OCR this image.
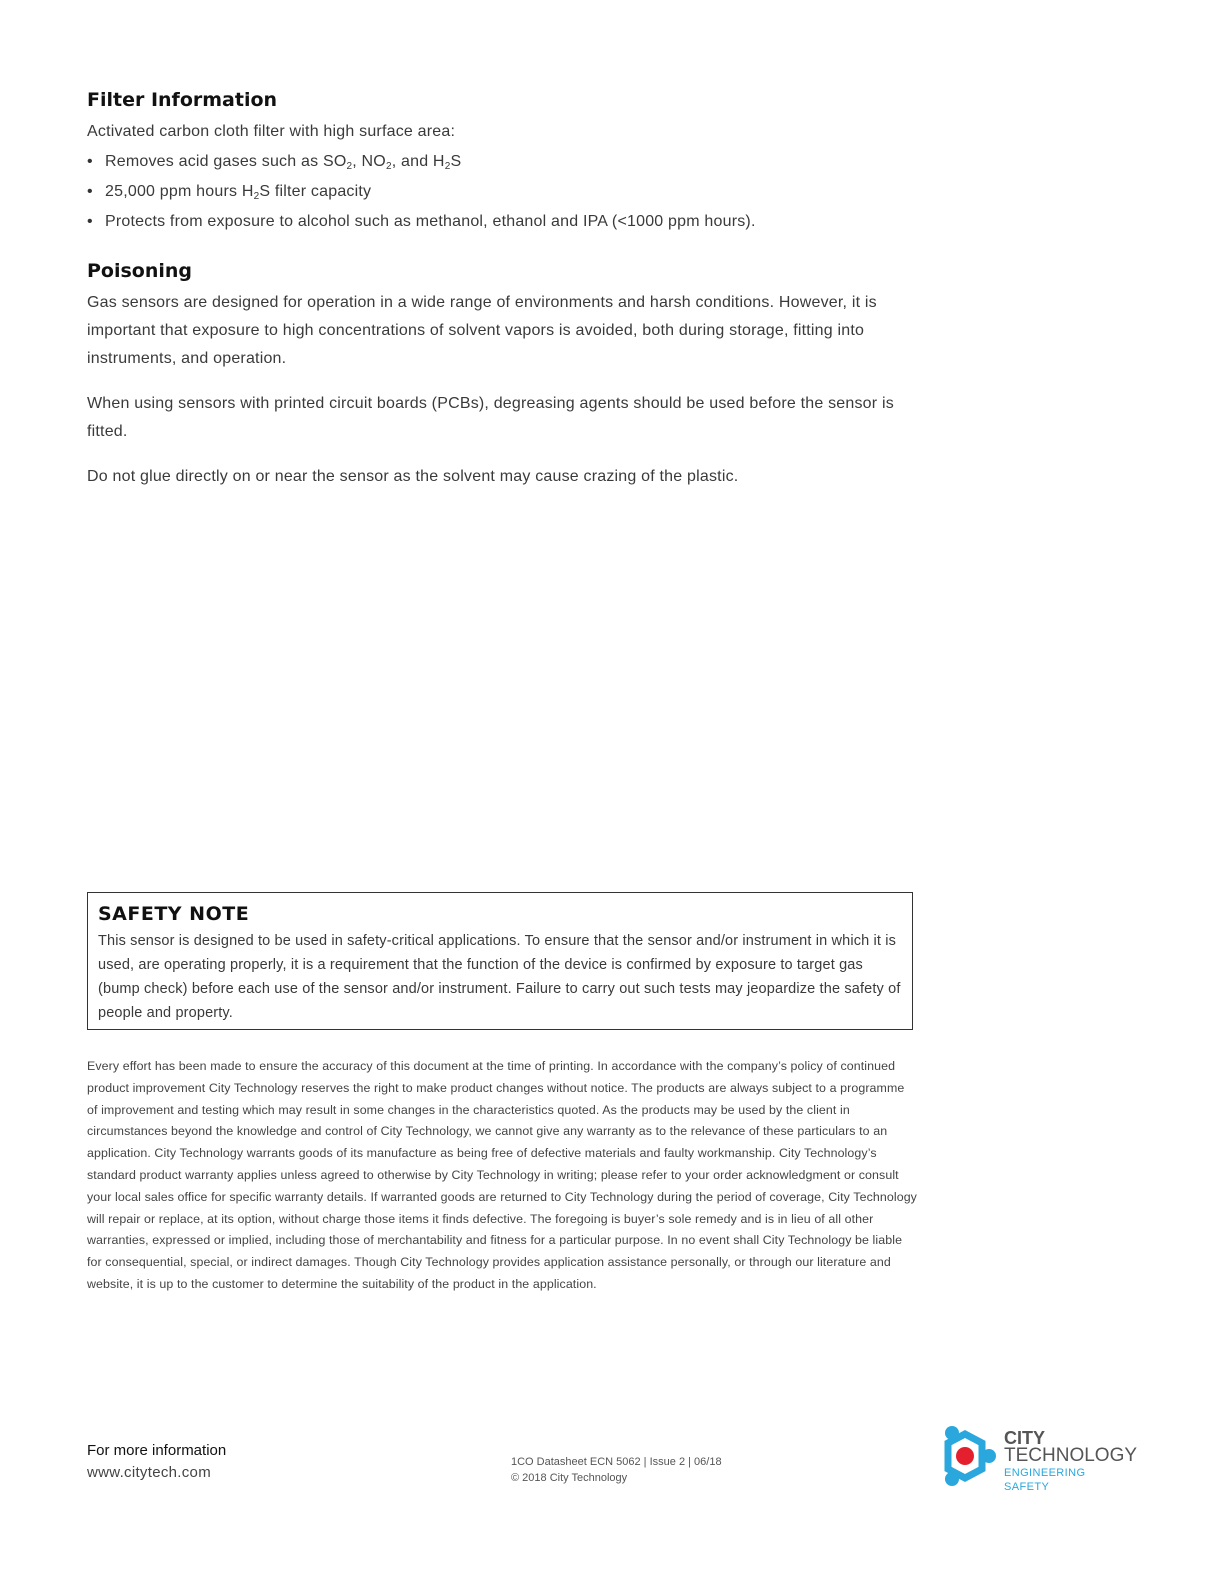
Filter Information

Activated carbon cloth filter with high surface area:

• Removes acid gases such as $SO_2$, $NO_2$, and $H_2S$
• 25,000 ppm hours $H_2S$ filter capacity
• Protects from exposure to alcohol such as methanol, ethanol and IPA (<1000 ppm hours).
Poisoning

Gas sensors are designed for operation in a wide range of environments and harsh conditions. However, it is important that exposure to high concentrations of solvent vapors is avoided, both during storage, fitting into instruments, and operation.

When using sensors with printed circuit boards (PCBs), degreasing agents should be used before the sensor is fitted.

Do not glue directly on or near the sensor as the solvent may cause crazing of the plastic.

SAFETY NOTE

This sensor is designed to be used in safety-critical applications. To ensure that the sensor and/or instrument in which it is used, are operating properly, it is a requirement that the function of the device is confirmed by exposure to target gas (bump check) before each use of the sensor and/or instrument. Failure to carry out such tests may jeopardize the safety of people and property.

Every effort has been made to ensure the accuracy of this document at the time of printing. In accordance with the company’s policy of continued product improvement City Technology reserves the right to make product changes without notice. The products are always subject to a programme of improvement and testing which may result in some changes in the characteristics quoted. As the products may be used by the client in circumstances beyond the knowledge and control of City Technology, we cannot give any warranty as to the relevance of these particulars to an application. City Technology warrants goods of its manufacture as being free of defective materials and faulty workmanship. City Technology’s standard product warranty applies unless agreed to otherwise by City Technology in writing; please refer to your order acknowledgment or consult your local sales office for specific warranty details. If warranted goods are returned to City Technology during the period of coverage, City Technology will repair or replace, at its option, without charge those items it finds defective. The foregoing is buyer’s sole remedy and is in lieu of all other warranties, expressed or implied, including those of merchantability and fitness for a particular purpose. In no event shall City Technology be liable for consequential, special, or indirect damages. Though City Technology provides application assistance personally, or through our literature and website, it is up to the customer to determine the suitability of the product in the application.

For more information
www.citytech.com
1CO Datasheet ECN 5062 | Issue 2 | 06/18
© 2018 City Technology
CITY
TECHNOLOGY
ENGINEERING SAFETY
